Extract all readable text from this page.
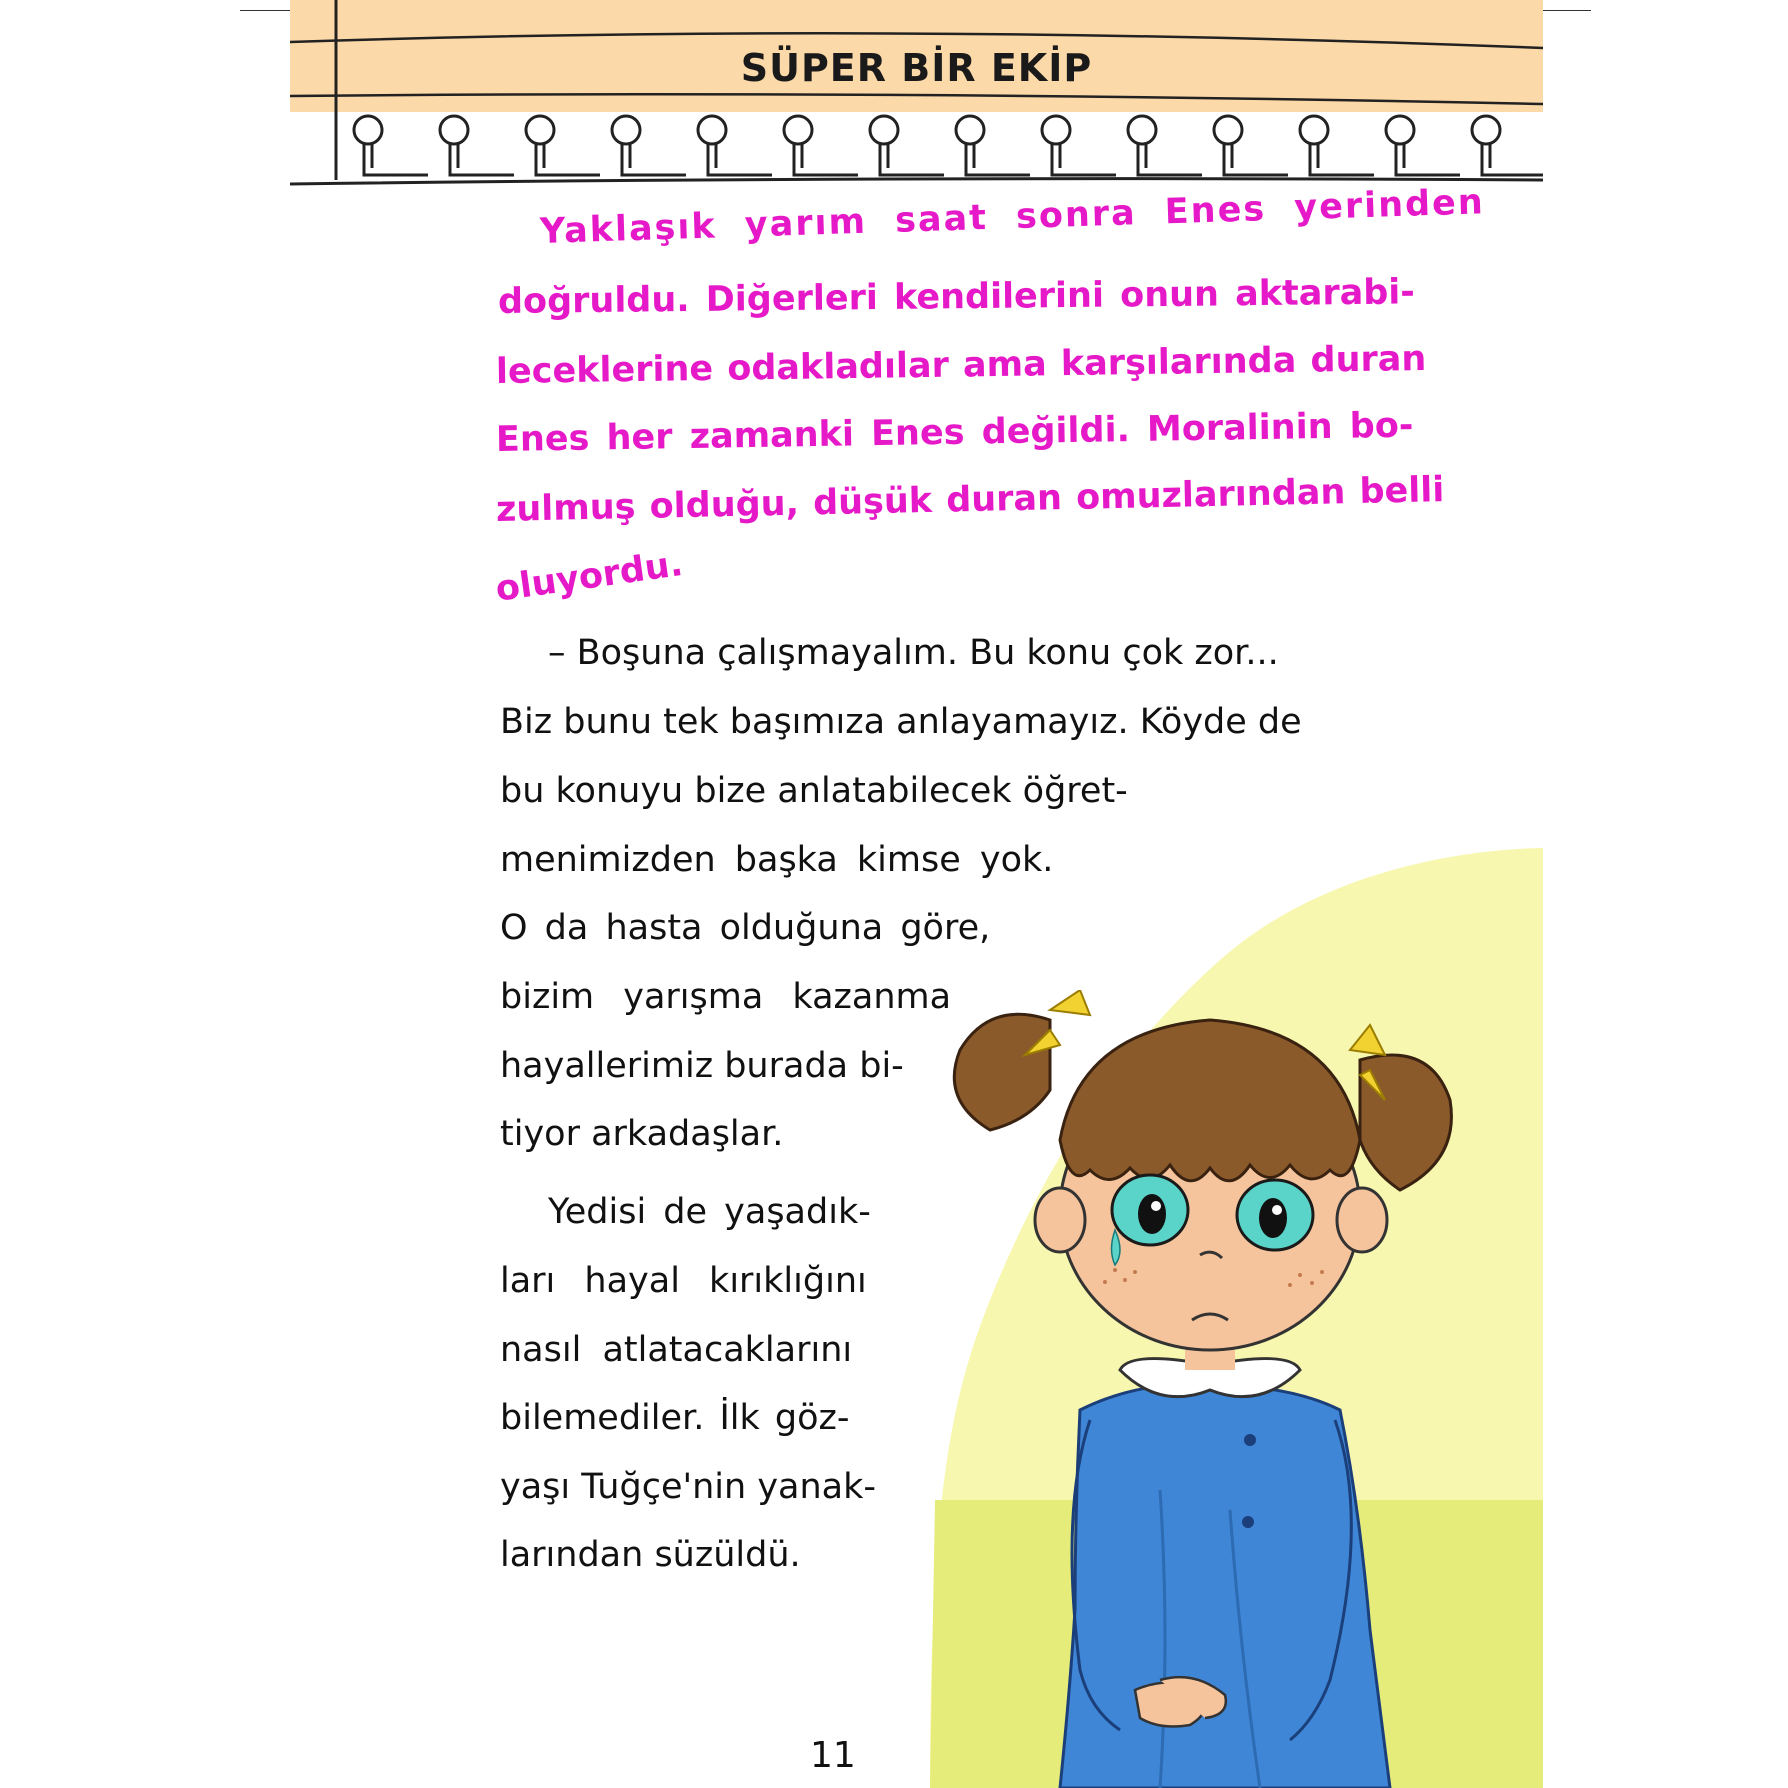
SÜPER BİR EKİP
Yaklaşık yarım saat sonra Enes yerinden
doğruldu. Diğerleri kendilerini onun aktarabi-
leceklerine odakladılar ama karşılarında duran
Enes her zamanki Enes değildi. Moralinin bo-
zulmuş olduğu, düşük duran omuzlarından belli
oluyordu.
– Boşuna çalışmayalım. Bu konu çok zor...
Biz bunu tek başımıza anlayamayız. Köyde de
bu konuyu bize anlatabilecek öğret-
menimizden başka kimse yok.
O da hasta olduğuna göre,
bizim yarışma kazanma
hayallerimiz burada bi-
tiyor arkadaşlar.
Yedisi de yaşadık-
ları hayal kırıklığını
nasıl atlatacaklarını
bilemediler. İlk göz-
yaşı Tuğçe'nin yanak-
larından süzüldü.
11
